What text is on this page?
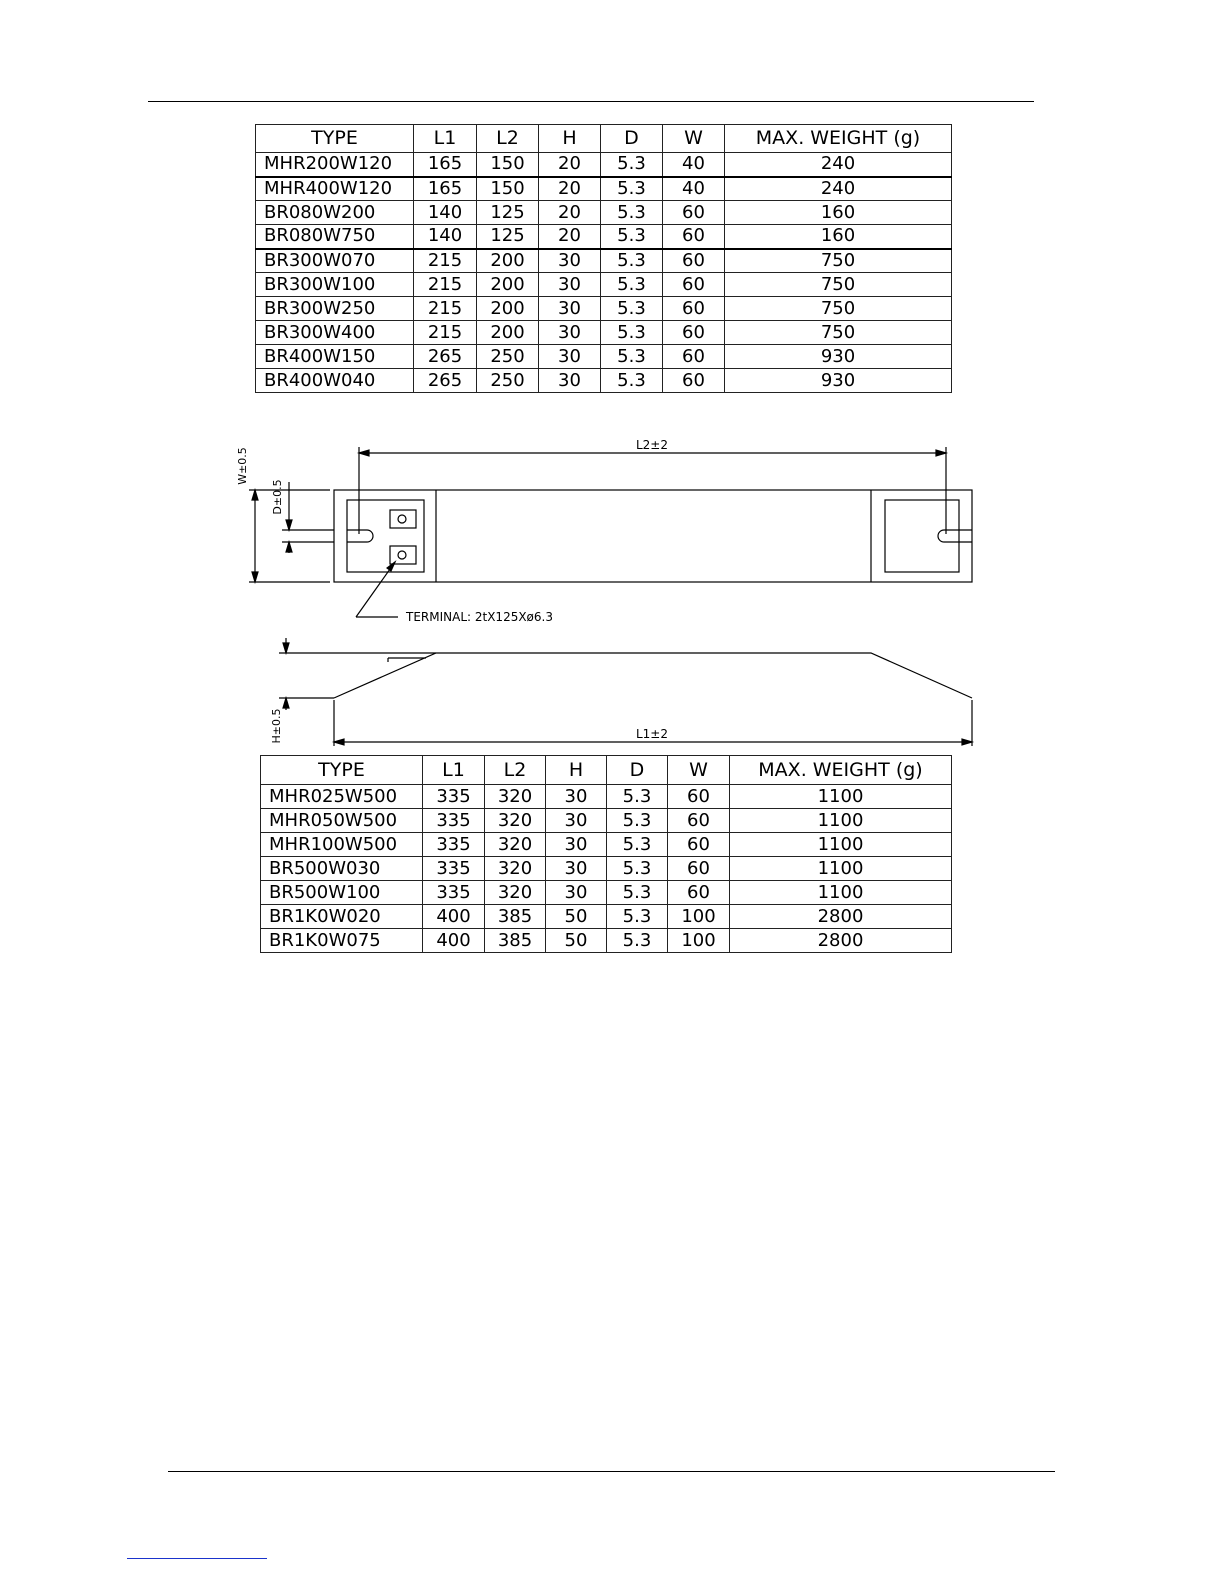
TYPE	L1	L2	H	D	W	MAX. WEIGHT (g)
MHR200W120	165	150	20	5.3	40	240
MHR400W120	165	150	20	5.3	40	240
BR080W200	140	125	20	5.3	60	160
BR080W750	140	125	20	5.3	60	160
BR300W070	215	200	30	5.3	60	750
BR300W100	215	200	30	5.3	60	750
BR300W250	215	200	30	5.3	60	750
BR300W400	215	200	30	5.3	60	750
BR400W150	265	250	30	5.3	60	930
BR400W040	265	250	30	5.3	60	930
L2±2
L1±2
W±0.5
D±0.5
H±0.5
TERMINAL: 2tX125Xø6.3
TYPE	L1	L2	H	D	W	MAX. WEIGHT (g)
MHR025W500	335	320	30	5.3	60	1100
MHR050W500	335	320	30	5.3	60	1100
MHR100W500	335	320	30	5.3	60	1100
BR500W030	335	320	30	5.3	60	1100
BR500W100	335	320	30	5.3	60	1100
BR1K0W020	400	385	50	5.3	100	2800
BR1K0W075	400	385	50	5.3	100	2800
